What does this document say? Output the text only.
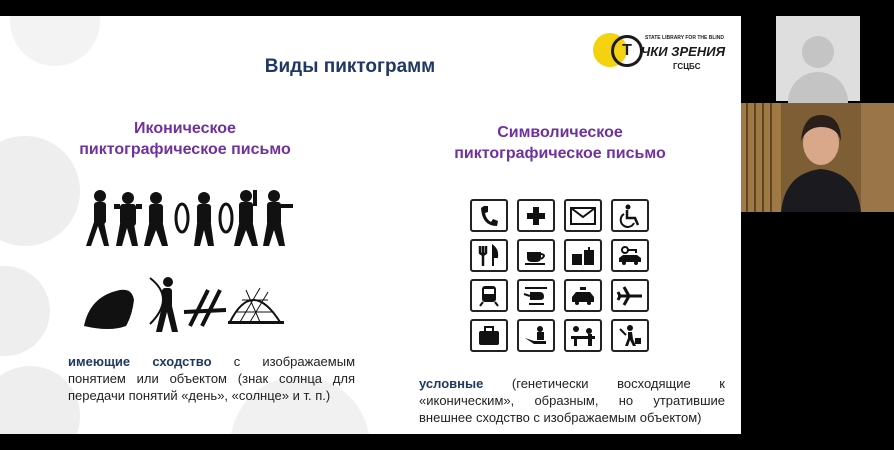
Т
STATE LIBRARY FOR THE BLIND
ЧКИ ЗРЕНИЯ
ГСЦБС
Виды пиктограмм
Иконическое
пиктографическое письмо
Символическое
пиктографическое письмо
имеющие сходство с изображаемым понятием или объектом (знак солнца для передачи понятий «день», «солнце» и т. п.)
условные (генетически восходящие к «иконическим», образным, но утратившие внешнее сходство с изображаемым объектом)
